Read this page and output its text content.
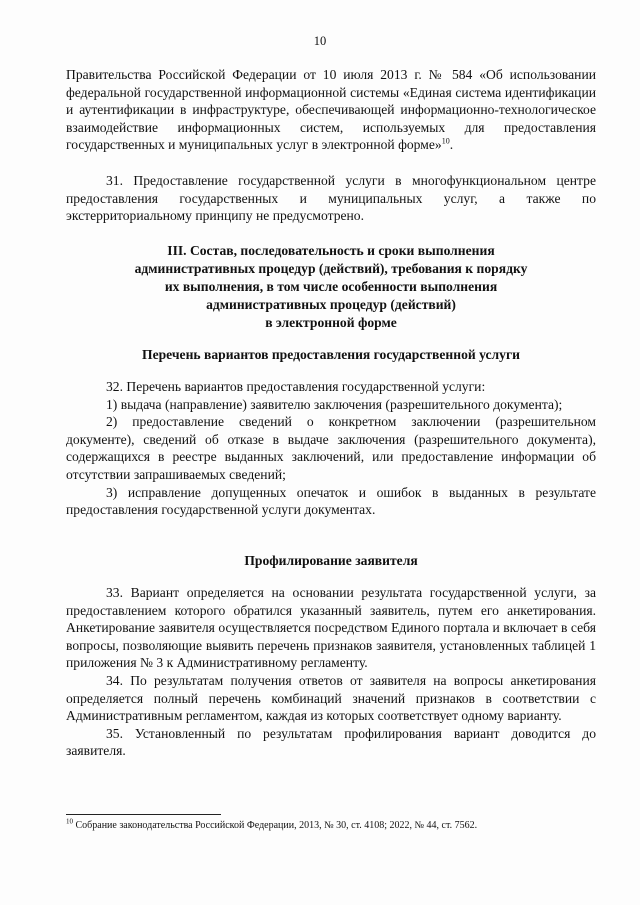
10

Правительства Российской Федерации от 10 июля 2013 г. № 584 «Об использовании федеральной государственной информационной системы «Единая система идентификации и аутентификации в инфраструктуре, обеспечивающей информационно-технологическое взаимодействие информационных систем, используемых для предоставления государственных и муниципальных услуг в электронной форме»$^{10}$.

31. Предоставление государственной услуги в многофункциональном центре предоставления государственных и муниципальных услуг, а также по экстерриториальному принципу не предусмотрено.

III. Состав, последовательность и сроки выполнения

административных процедур (действий), требования к порядку

их выполнения, в том числе особенности выполнения

административных процедур (действий)

в электронной форме

Перечень вариантов предоставления государственной услуги

32. Перечень вариантов предоставления государственной услуги:

1) выдача (направление) заявителю заключения (разрешительного документа);

2) предоставление сведений о конкретном заключении (разрешительном документе), сведений об отказе в выдаче заключения (разрешительного документа), содержащихся в реестре выданных заключений, или предоставление информации об отсутствии запрашиваемых сведений;

3) исправление допущенных опечаток и ошибок в выданных в результате предоставления государственной услуги документах.

Профилирование заявителя

33. Вариант определяется на основании результата государственной услуги, за предоставлением которого обратился указанный заявитель, путем его анкетирования. Анкетирование заявителя осуществляется посредством Единого портала и включает в себя вопросы, позволяющие выявить перечень признаков заявителя, установленных таблицей 1 приложения № 3 к Административному регламенту.

34. По результатам получения ответов от заявителя на вопросы анкетирования определяется полный перечень комбинаций значений признаков в соответствии с Административным регламентом, каждая из которых соответствует одному варианту.

35. Установленный по результатам профилирования вариант доводится до заявителя.

$^{10}$ Собрание законодательства Российской Федерации, 2013, № 30, ст. 4108; 2022, № 44, ст. 7562.
